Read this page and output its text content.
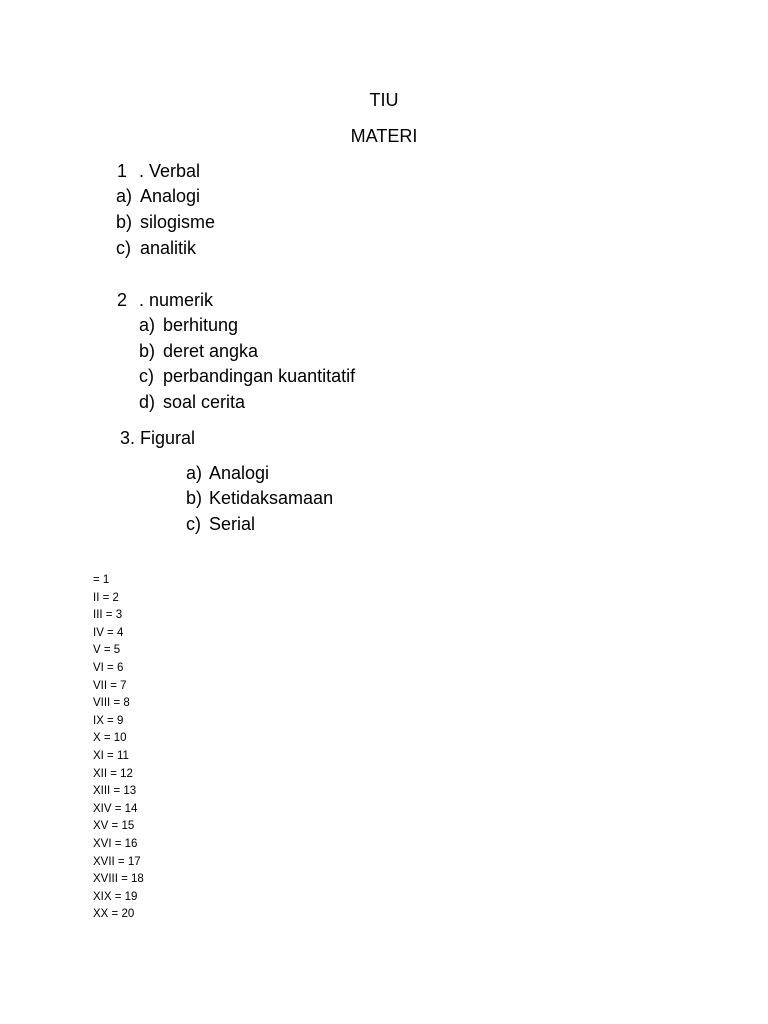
TIU
MATERI
1 . Verbal
a) Analogi
b) silogisme
c) analitik
2 . numerik
a) berhitung
b) deret angka
c) perbandingan kuantitatif
d) soal cerita
3. Figural
a) Analogi
b) Ketidaksamaan
c) Serial
= 1
II = 2
III = 3
IV = 4
V = 5
VI = 6
VII = 7
VIII = 8
IX = 9
X = 10
XI = 11
XII = 12
XIII = 13
XIV = 14
XV = 15
XVI = 16
XVII = 17
XVIII = 18
XIX = 19
XX = 20
